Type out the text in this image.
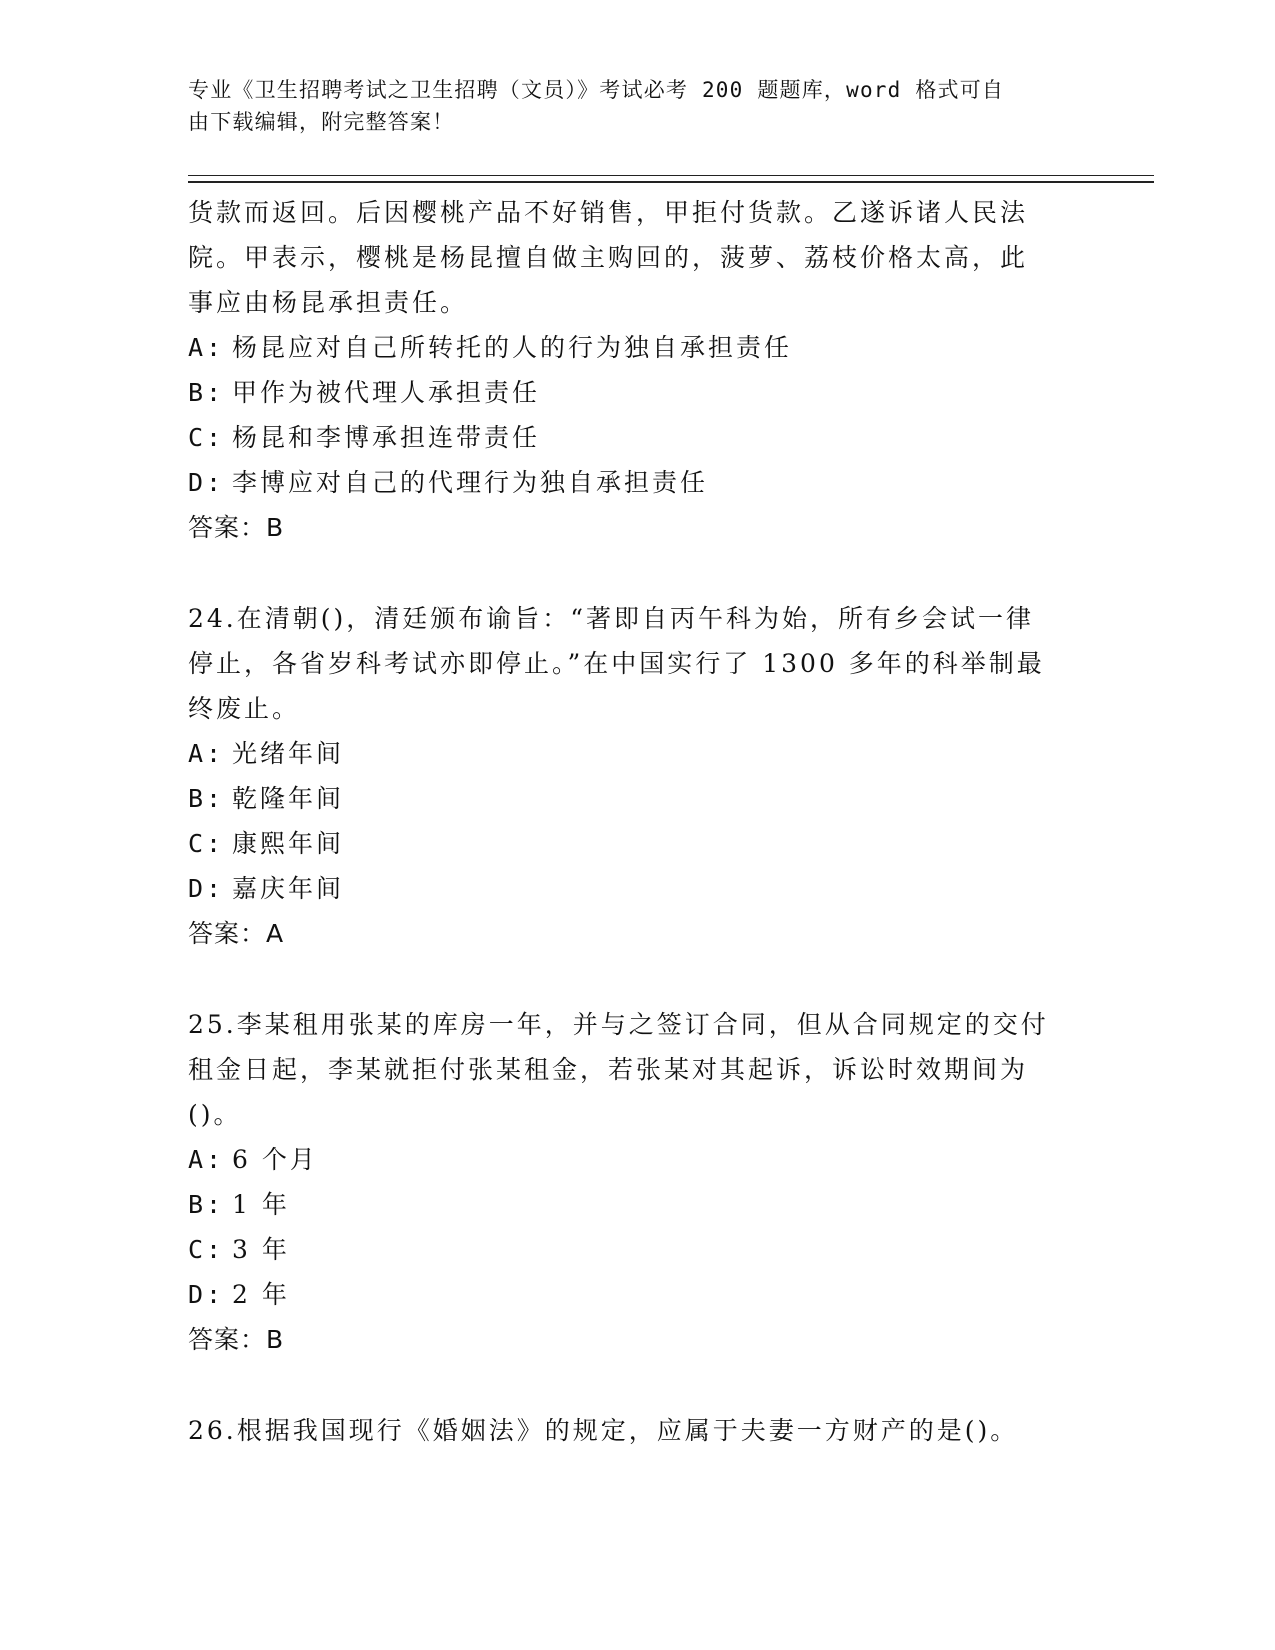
专业《卫生招聘考试之卫生招聘（文员）》考试必考 200 题题库，word 格式可自
由下载编辑，附完整答案！

货款而返回。后因樱桃产品不好销售，甲拒付货款。乙遂诉诸人民法

院。甲表示，樱桃是杨昆擅自做主购回的，菠萝、荔枝价格太高，此

事应由杨昆承担责任。

A: 杨昆应对自己所转托的人的行为独自承担责任

B: 甲作为被代理人承担责任

C: 杨昆和李博承担连带责任

D: 李博应对自己的代理行为独自承担责任

答案：B

24.在清朝()，清廷颁布谕旨：“著即自丙午科为始，所有乡会试一律

停止，各省岁科考试亦即停止。”在中国实行了 1300 多年的科举制最

终废止。

A: 光绪年间

B: 乾隆年间

C: 康熙年间

D: 嘉庆年间

答案：A

25.李某租用张某的库房一年，并与之签订合同，但从合同规定的交付

租金日起，李某就拒付张某租金，若张某对其起诉，诉讼时效期间为

()。

A: 6 个月

B: 1 年

C: 3 年

D: 2 年

答案：B

26.根据我国现行《婚姻法》的规定，应属于夫妻一方财产的是()。
